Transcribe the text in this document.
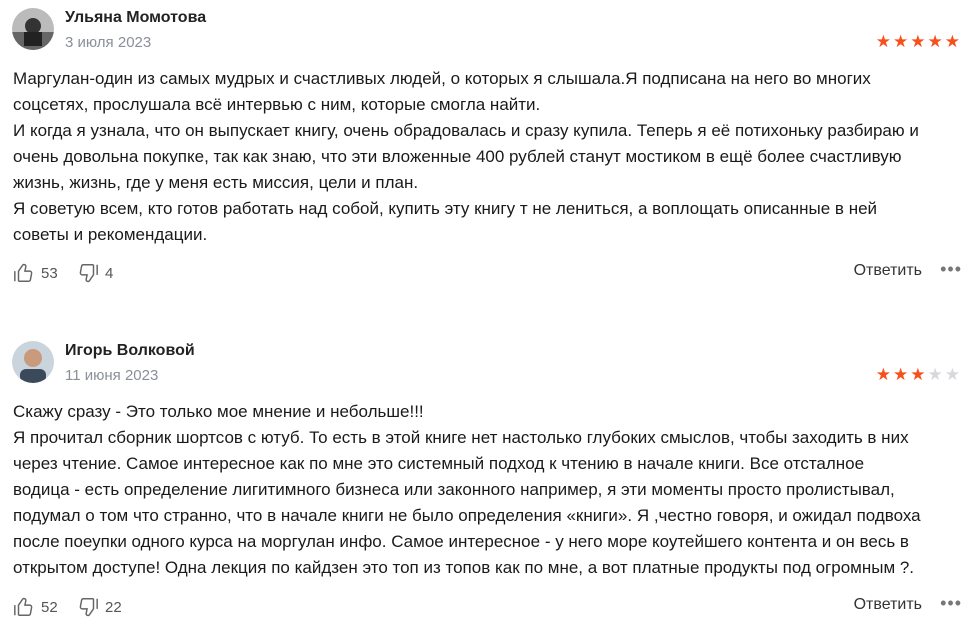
Ульяна Момотова
3 июля 2023	★★★★★
Маргулан-один из самых мудрых и счастливых людей, о которых я слышала.Я подписана на него во многих
соцсетях, прослушала всё интервью с ним, которые смогла найти.
И когда я узнала, что он выпускает книгу, очень обрадовалась и сразу купила. Теперь я её потихоньку разбираю и
очень довольна покупке, так как знаю, что эти вложенные 400 рублей станут мостиком в ещё более счастливую
жизнь, жизнь, где у меня есть миссия, цели и план.
Я советую всем, кто готов работать над собой, купить эту книгу т не лениться, а воплощать описанные в ней
советы и рекомендации.
53	4	Ответить •••
Игорь Волковой
11 июня 2023	★★★★★
Скажу сразу - Это только мое мнение и небольше!!!
Я прочитал сборник шортсов с ютуб. То есть в этой книге нет настолько глубоких смыслов, чтобы заходить в них
через чтение. Самое интересное как по мне это системный подход к чтению в начале книги. Все отсталное
водица - есть определение лигитимного бизнеса или законного например, я эти моменты просто пролистывал,
подумал о том что странно, что в начале книги не было определения «книги». Я ,честно говоря, и ожидал подвоха
после поеупки одного курса на моргулан инфо. Самое интересное - у него море коутейшего контента и он весь в
открытом доступе! Одна лекция по кайдзен это топ из топов как по мне, а вот платные продукты под огромным ?.
52	22	Ответить •••
